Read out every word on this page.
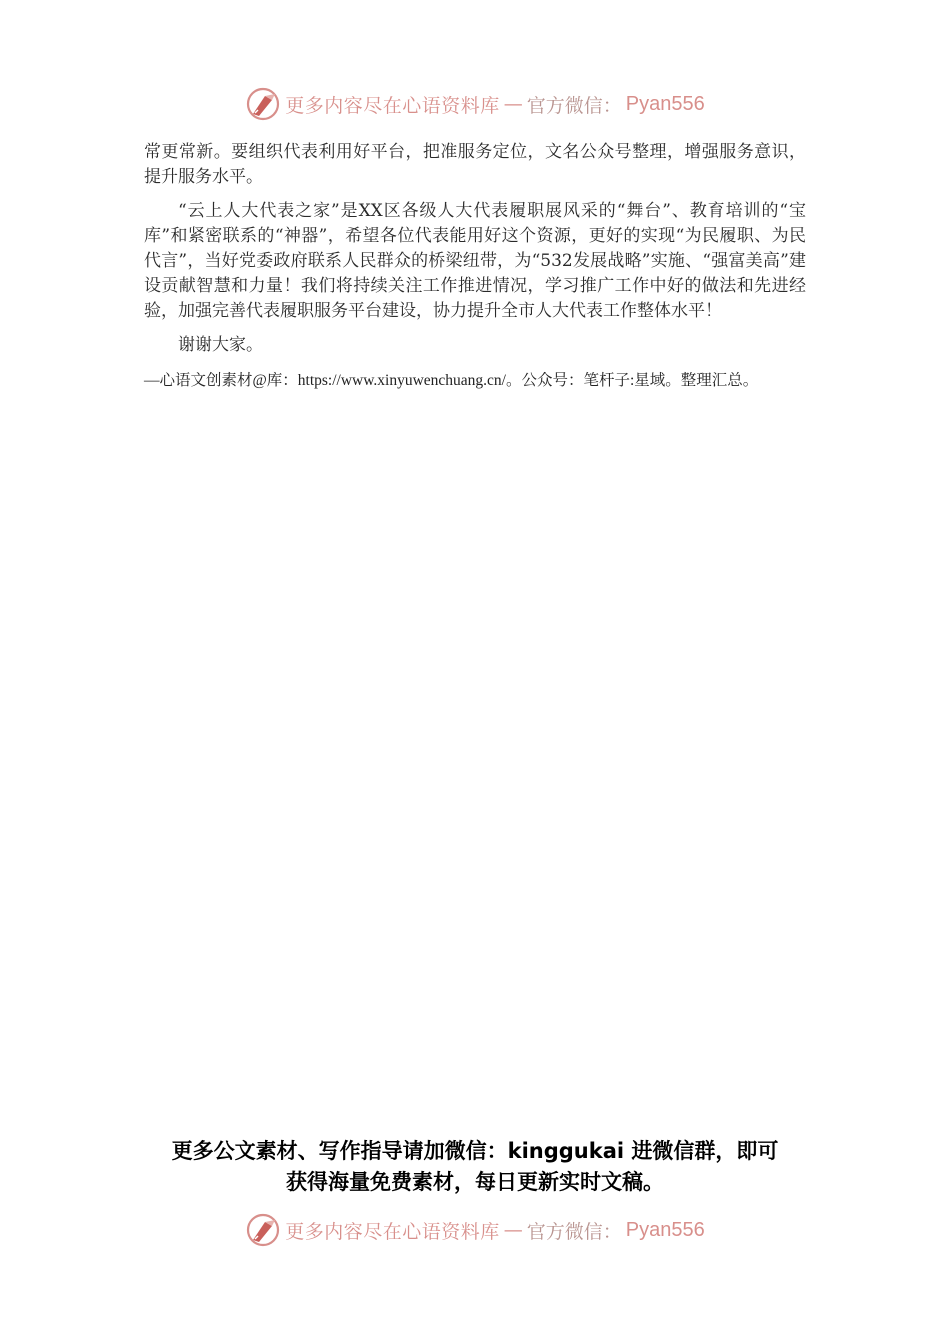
更多内容尽在心语资料库 — 官方微信： Pyan556

常更常新。要组织代表利用好平台，把准服务定位，文名公众号整理，增强服务意识，提升服务水平。

“云上人大代表之家”是XX区各级人大代表履职展风采的“舞台”、教育培训的“宝库”和紧密联系的“神器”，希望各位代表能用好这个资源，更好的实现“为民履职、为民代言”，当好党委政府联系人民群众的桥梁纽带，为“532发展战略”实施、“强富美高”建设贡献智慧和力量！我们将持续关注工作推进情况，学习推广工作中好的做法和先进经验，加强完善代表履职服务平台建设，协力提升全市人大代表工作整体水平！

谢谢大家。

—心语文创素材@库：https://www.xinyuwenchuang.cn/。公众号：笔杆子:星域。整理汇总。
更多公文素材、写作指导请加微信：kinggukai 进微信群，即可
获得海量免费素材，每日更新实时文稿。
更多内容尽在心语资料库 — 官方微信： Pyan556
